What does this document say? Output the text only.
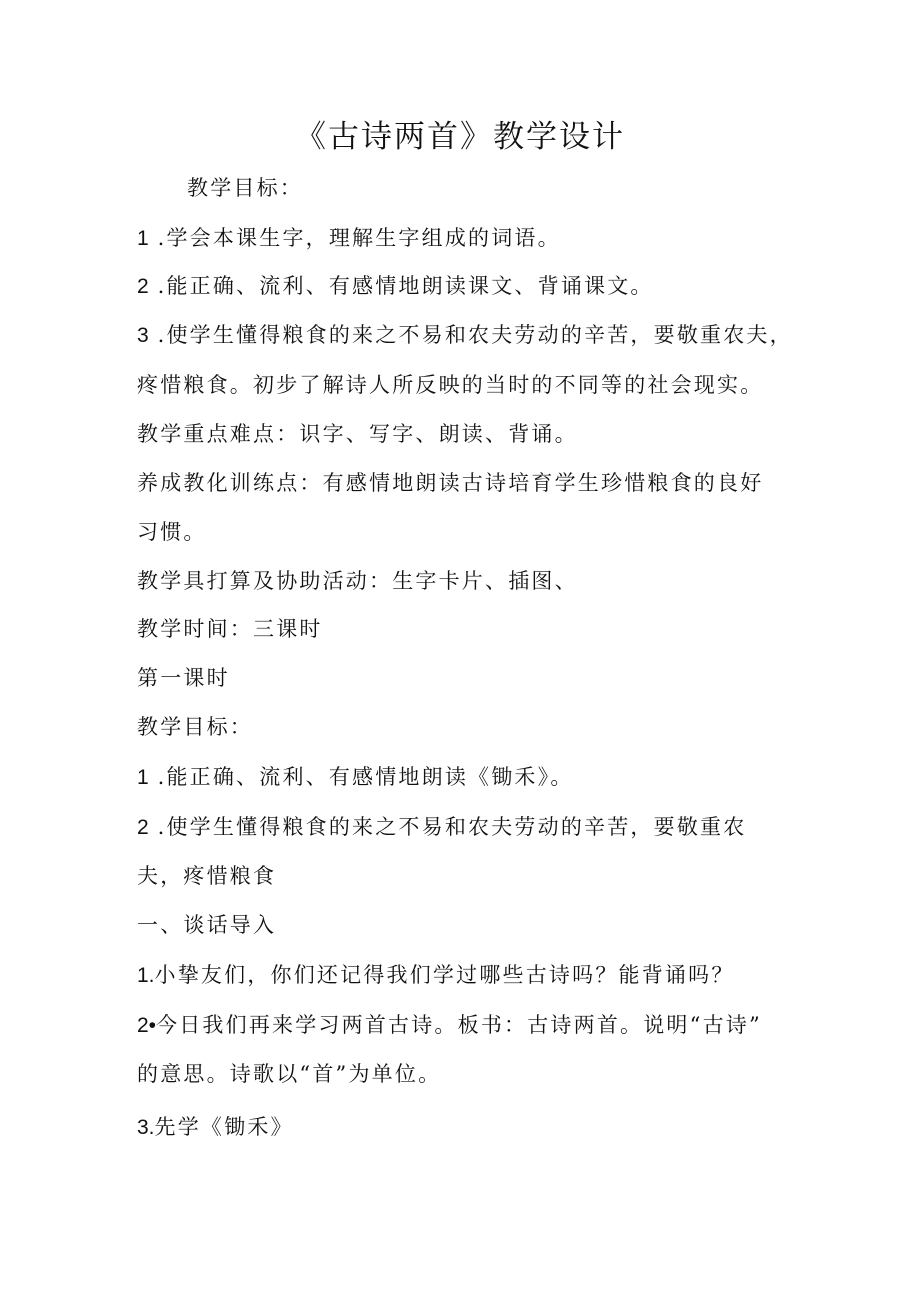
《古诗两首》教学设计
教学目标：
1 .学会本课生字，理解生字组成的词语。
2 .能正确、流利、有感情地朗读课文、背诵课文。
3 .使学生懂得粮食的来之不易和农夫劳动的辛苦，要敬重农夫，
疼惜粮食。初步了解诗人所反映的当时的不同等的社会现实。
教学重点难点：识字、写字、朗读、背诵。
养成教化训练点：有感情地朗读古诗培育学生珍惜粮食的良好
习惯。
教学具打算及协助活动：生字卡片、插图、
教学时间：三课时
第一课时
教学目标：
1 .能正确、流利、有感情地朗读《锄禾》。
2 .使学生懂得粮食的来之不易和农夫劳动的辛苦，要敬重农
夫，疼惜粮食
一、谈话导入
1.小挚友们，你们还记得我们学过哪些古诗吗？能背诵吗？
2•今日我们再来学习两首古诗。板书：古诗两首。说明“古诗”
的意思。诗歌以“首”为单位。
3.先学《锄禾》
